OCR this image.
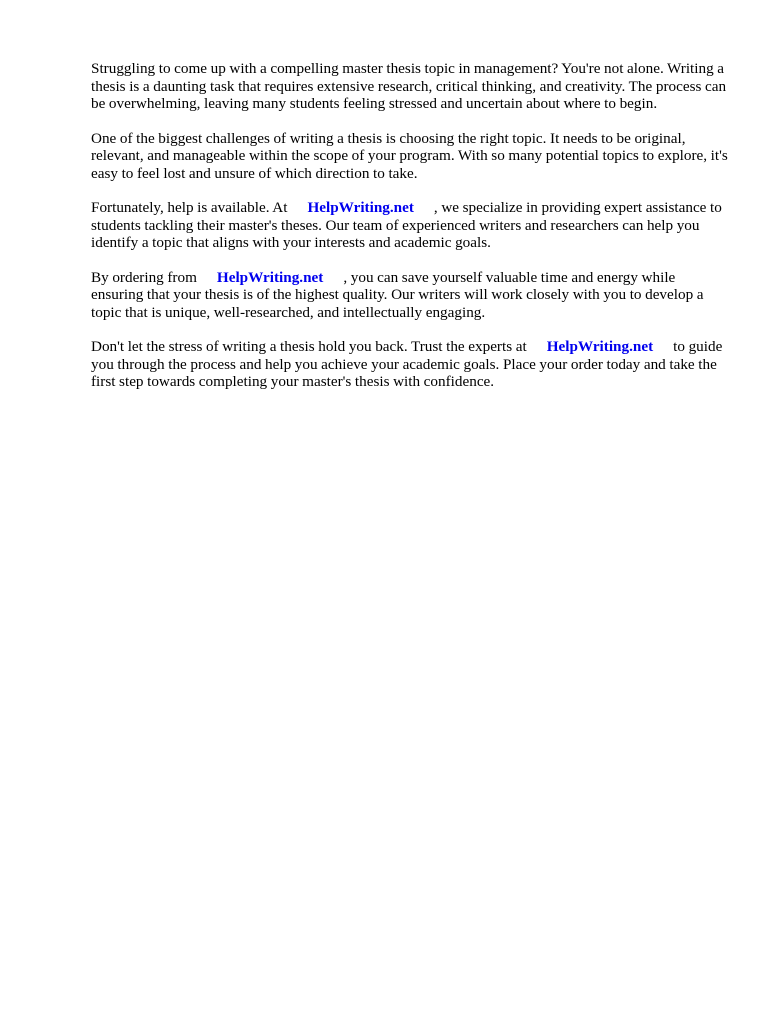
Struggling to come up with a compelling master thesis topic in management? You're not alone. Writing a thesis is a daunting task that requires extensive research, critical thinking, and creativity. The process can be overwhelming, leaving many students feeling stressed and uncertain about where to begin.

One of the biggest challenges of writing a thesis is choosing the right topic. It needs to be original, relevant, and manageable within the scope of your program. With so many potential topics to explore, it's easy to feel lost and unsure of which direction to take.

Fortunately, help is available. At HelpWriting.net , we specialize in providing expert assistance to students tackling their master's theses. Our team of experienced writers and researchers can help you identify a topic that aligns with your interests and academic goals.

By ordering from HelpWriting.net , you can save yourself valuable time and energy while ensuring that your thesis is of the highest quality. Our writers will work closely with you to develop a topic that is unique, well-researched, and intellectually engaging.

Don't let the stress of writing a thesis hold you back. Trust the experts at HelpWriting.net to guide you through the process and help you achieve your academic goals. Place your order today and take the first step towards completing your master's thesis with confidence.
